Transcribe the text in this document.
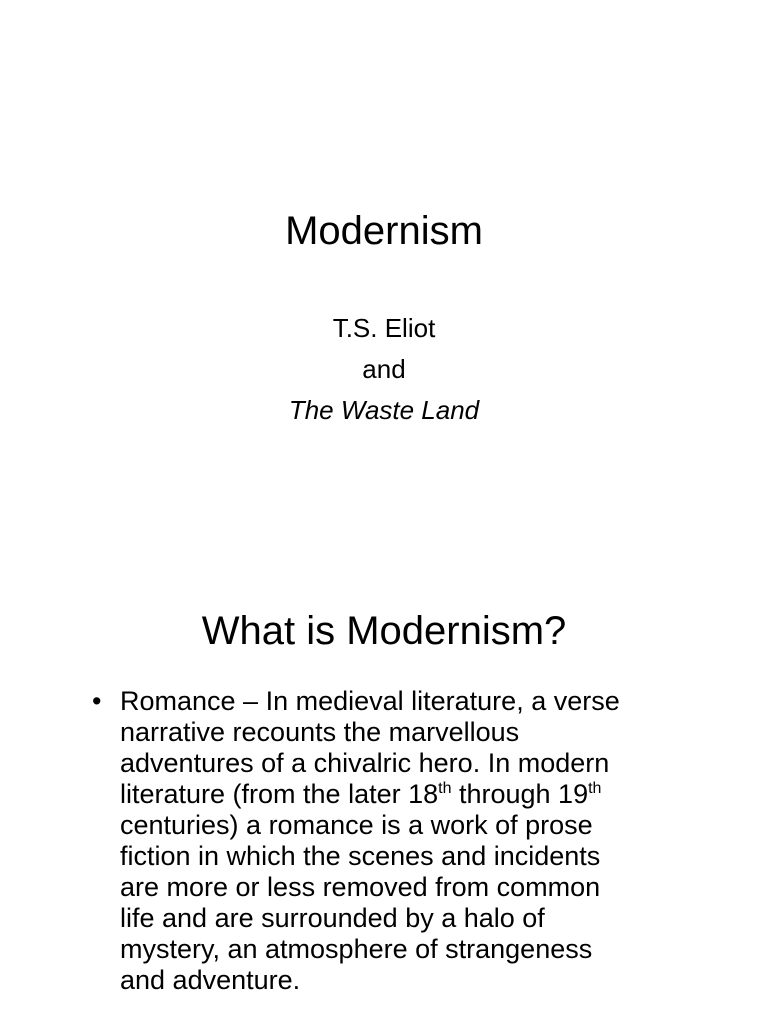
Modernism
T.S. Eliot
and
The Waste Land
What is Modernism?
• Romance – In medieval literature, a verse
narrative recounts the marvellous
adventures of a chivalric hero. In modern
literature (from the later 18th through 19th
centuries) a romance is a work of prose
fiction in which the scenes and incidents
are more or less removed from common
life and are surrounded by a halo of
mystery, an atmosphere of strangeness
and adventure.
